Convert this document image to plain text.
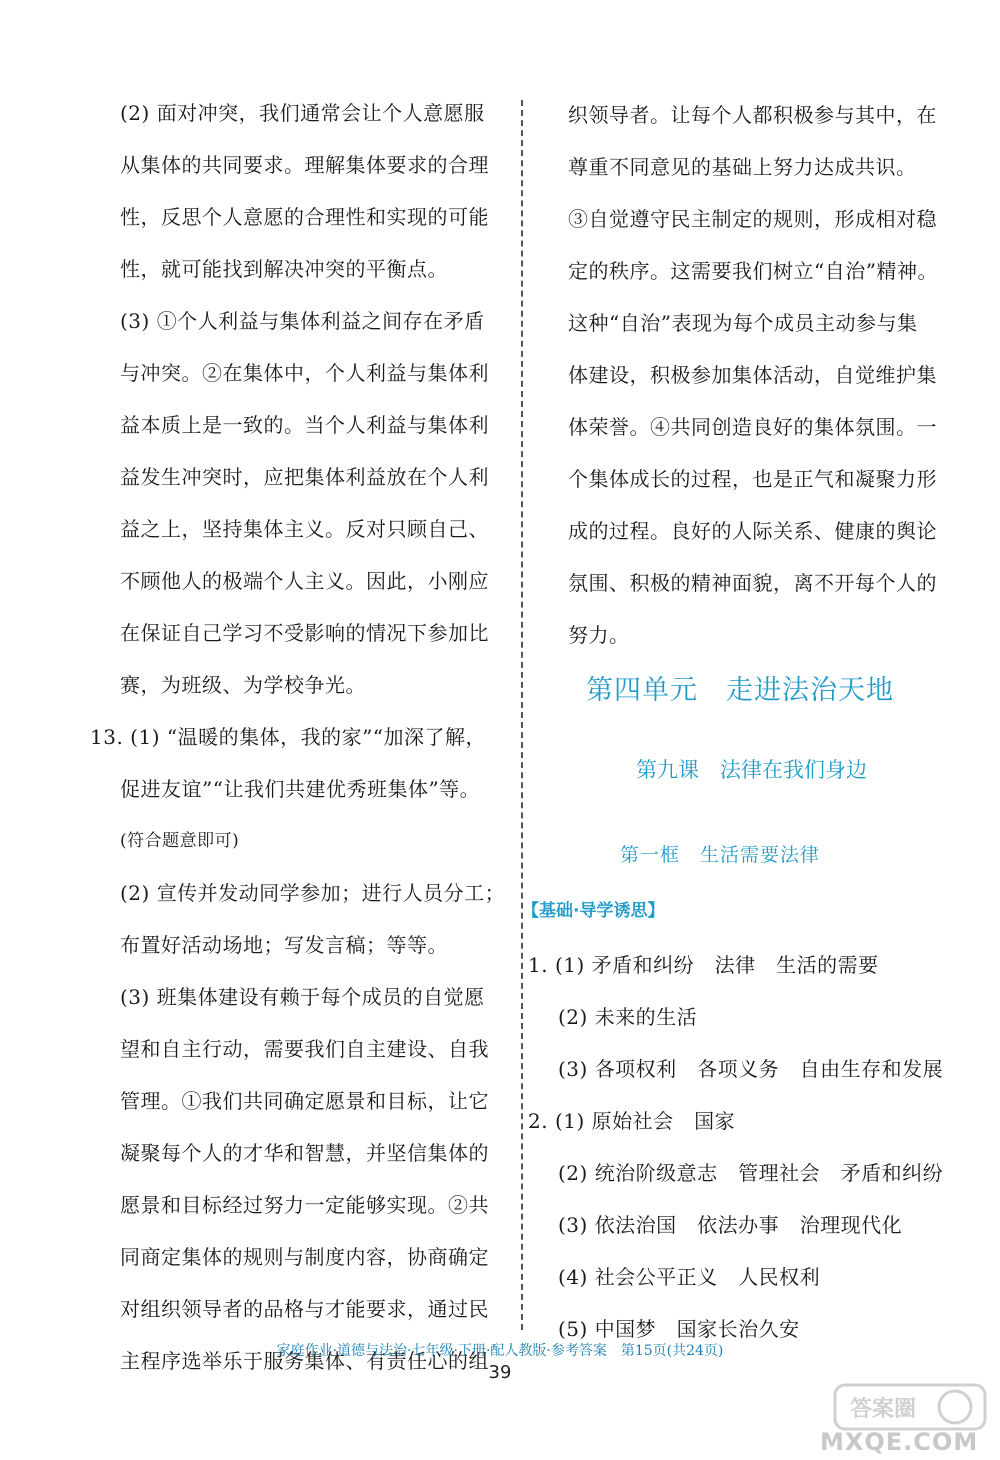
(2) 面对冲突，我们通常会让个人意愿服
从集体的共同要求。理解集体要求的合理
性，反思个人意愿的合理性和实现的可能
性，就可能找到解决冲突的平衡点。
(3) ①个人利益与集体利益之间存在矛盾
与冲突。②在集体中，个人利益与集体利
益本质上是一致的。当个人利益与集体利
益发生冲突时，应把集体利益放在个人利
益之上，坚持集体主义。反对只顾自己、
不顾他人的极端个人主义。因此，小刚应
在保证自己学习不受影响的情况下参加比
赛，为班级、为学校争光。
13. (1) “温暖的集体，我的家”“加深了解，
促进友谊”“让我们共建优秀班集体”等。
(符合题意即可)
(2) 宣传并发动同学参加；进行人员分工；
布置好活动场地；写发言稿；等等。
(3) 班集体建设有赖于每个成员的自觉愿
望和自主行动，需要我们自主建设、自我
管理。①我们共同确定愿景和目标，让它
凝聚每个人的才华和智慧，并坚信集体的
愿景和目标经过努力一定能够实现。②共
同商定集体的规则与制度内容，协商确定
对组织领导者的品格与才能要求，通过民
主程序选举乐于服务集体、有责任心的组
织领导者。让每个人都积极参与其中，在
尊重不同意见的基础上努力达成共识。
③自觉遵守民主制定的规则，形成相对稳
定的秩序。这需要我们树立“自治”精神。
这种“自治”表现为每个成员主动参与集
体建设，积极参加集体活动，自觉维护集
体荣誉。④共同创造良好的集体氛围。一
个集体成长的过程，也是正气和凝聚力形
成的过程。良好的人际关系、健康的舆论
氛围、积极的精神面貌，离不开每个人的
努力。
第四单元　走进法治天地
第九课　法律在我们身边
第一框　生活需要法律
【基础·导学诱思】
1. (1) 矛盾和纠纷　法律　生活的需要
(2) 未来的生活
(3) 各项权利　各项义务　自由生存和发展
2. (1) 原始社会　国家
(2) 统治阶级意志　管理社会　矛盾和纠纷
(3) 依法治国　依法办事　治理现代化
(4) 社会公平正义　人民权利
(5) 中国梦　国家长治久安
家庭作业·道德与法治·七年级·下册·配人教版·参考答案　第15页(共24页)
39
答案圈
MXQE.COM
